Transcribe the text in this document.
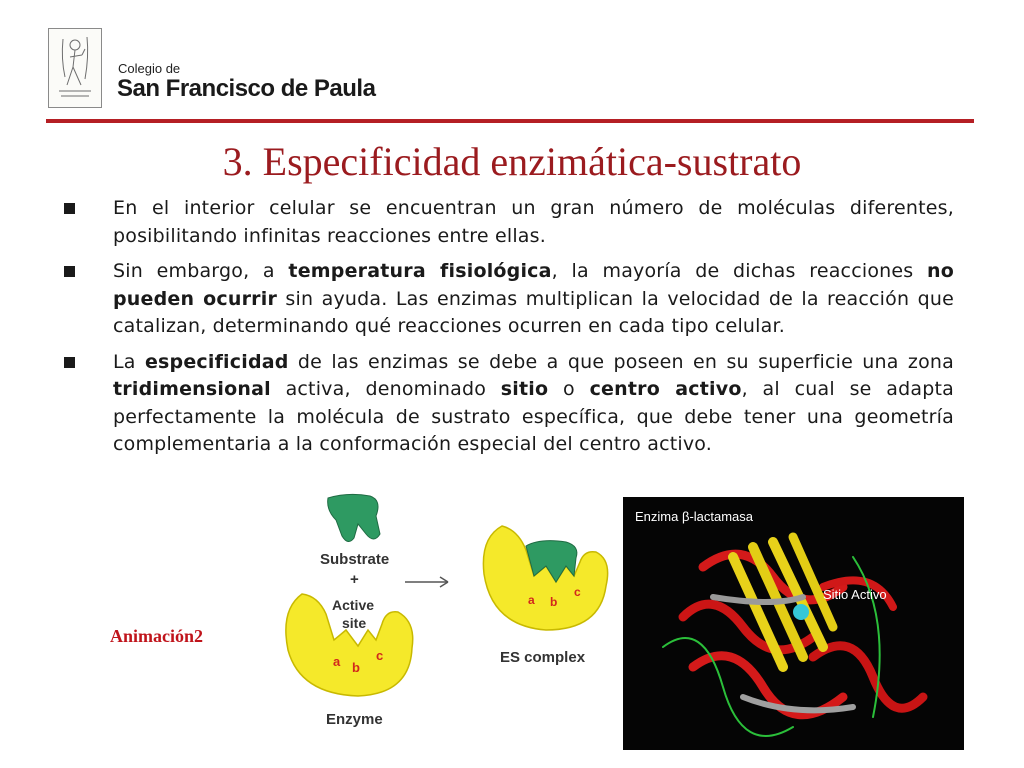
Colegio de
San Francisco de Paula
3. Especificidad enzimática-sustrato
En el interior celular se encuentran un gran número de moléculas diferentes, posibilitando infinitas reacciones entre ellas.
Sin embargo, a temperatura fisiológica, la mayoría de dichas reacciones no pueden ocurrir sin ayuda. Las enzimas multiplican la velocidad de la reacción que catalizan, determinando qué reacciones ocurren en cada tipo celular.
La especificidad de las enzimas se debe a que poseen en su superficie una zona tridimensional activa, denominado sitio o centro activo, al cual se adapta perfectamente la molécula de sustrato específica, que debe tener una geometría complementaria a la conformación especial del centro activo.
Animación2
Substrate
+
Active
site
a b
c
Enzyme
a b
c
ES complex
Enzima β-lactamasa
Sitio Activo
